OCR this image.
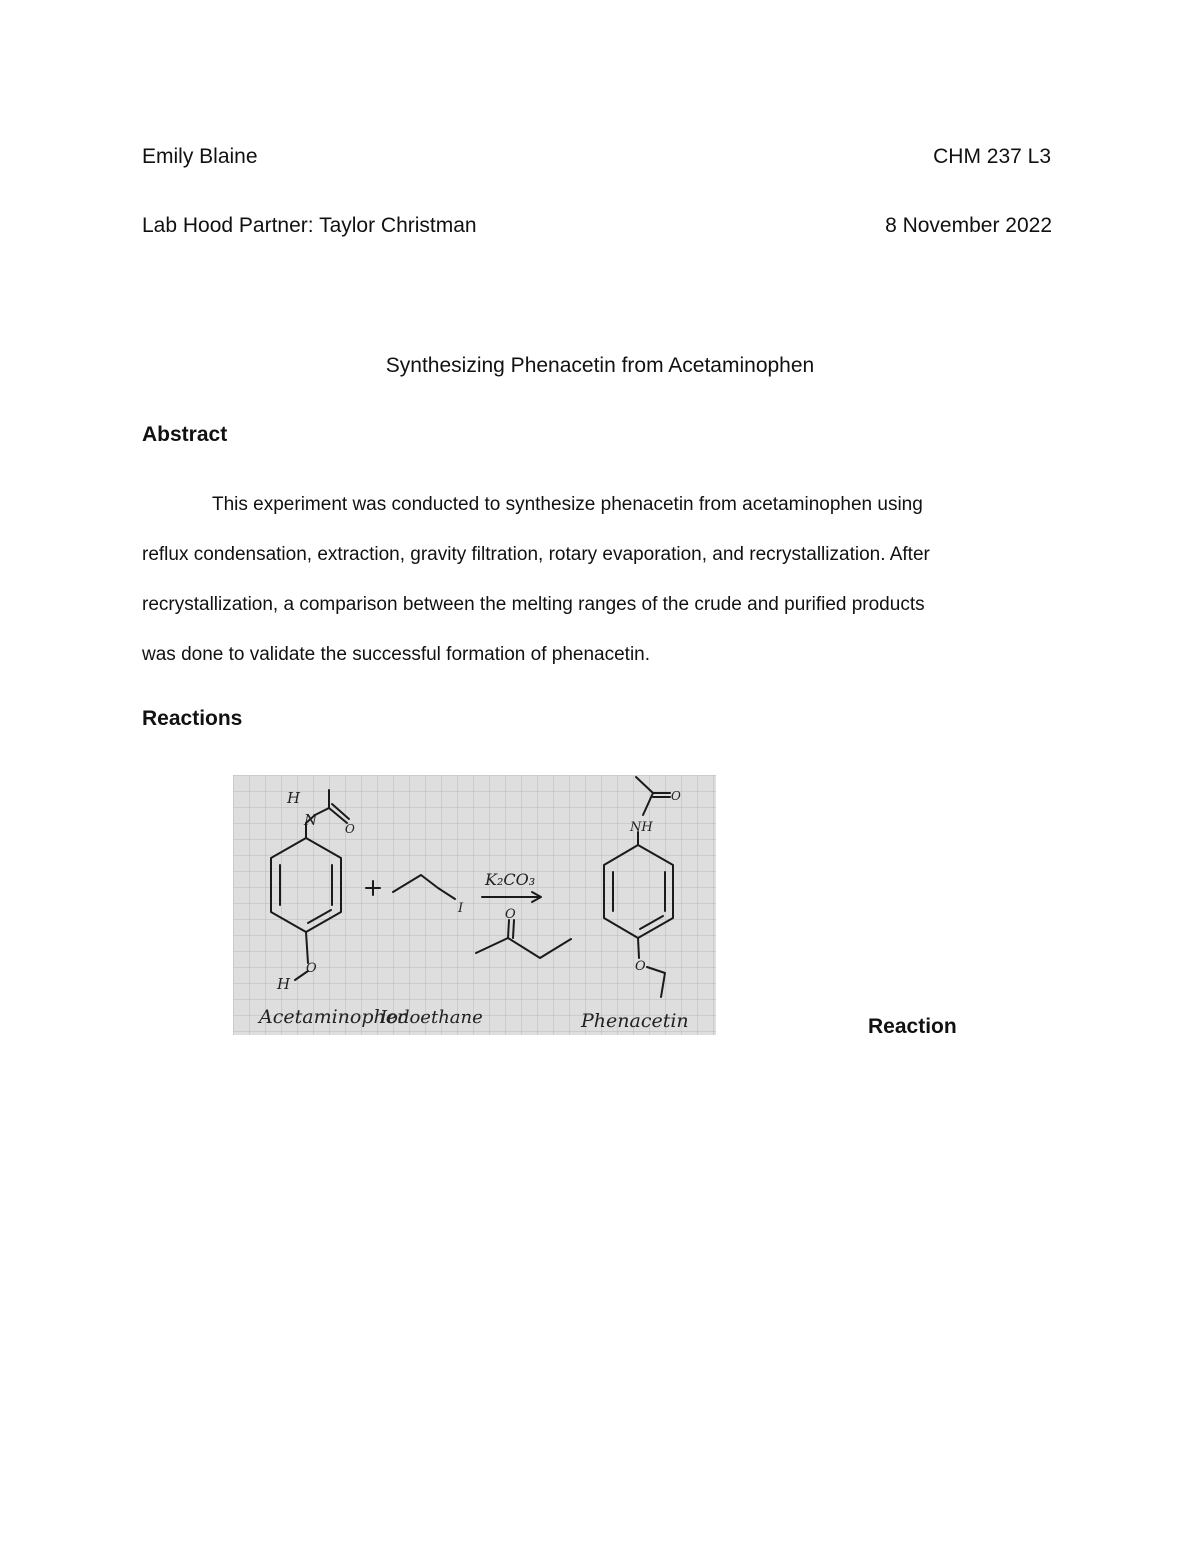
Emily Blaine	CHM 237 L3
Lab Hood Partner: Taylor Christman	8 November 2022
Synthesizing Phenacetin from Acetaminophen
Abstract
This experiment was conducted to synthesize phenacetin from acetaminophen using
reflux condensation, extraction, gravity filtration, rotary evaporation, and recrystallization. After
recrystallization, a comparison between the melting ranges of the crude and purified products
was done to validate the successful formation of phenacetin.
Reactions
H
N O
O
H
I
K₂CO₃
O
NH
O
O
Acetaminophen
Iodoethane	Phenacetin	Reaction
